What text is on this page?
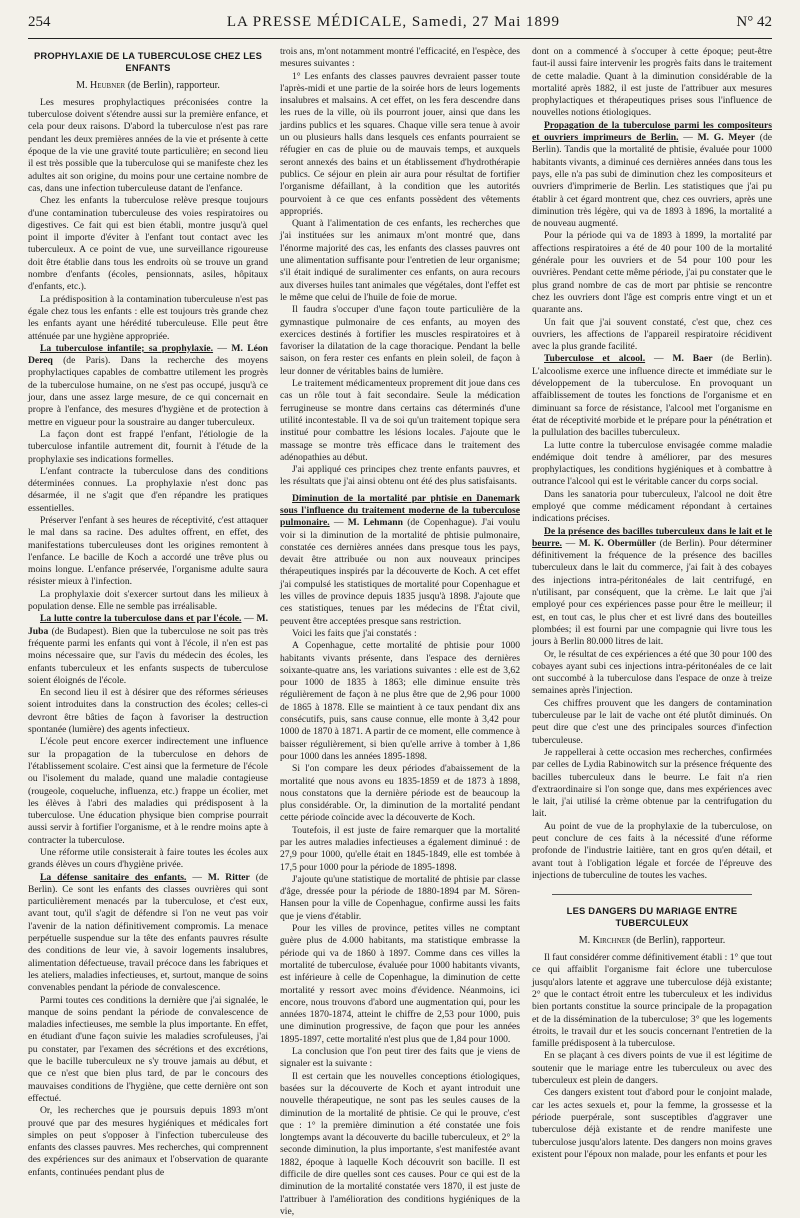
254	LA PRESSE MÉDICALE, Samedi, 27 Mai 1899	N° 42
PROPHYLAXIE DE LA TUBERCULOSE CHEZ LES ENFANTS
M. Heubner (de Berlin), rapporteur.

Les mesures prophylactiques préconisées contre la tuberculose doivent s'étendre aussi sur la première enfance, et cela pour deux raisons. D'abord la tuberculose n'est pas rare pendant les deux premières années de la vie et présente à cette époque de la vie une gravité toute particulière; en second lieu il est très possible que la tuberculose qui se manifeste chez les adultes ait son origine, du moins pour une certaine nombre de cas, dans une infection tuberculeuse datant de l'enfance.

Chez les enfants la tuberculose relève presque toujours d'une contamination tuberculeuse des voies respiratoires ou digestives. Ce fait qui est bien établi, montre jusqu'à quel point il importe d'éviter à l'enfant tout contact avec les tuberculeux. A ce point de vue, une surveillance rigoureuse doit être établie dans tous les endroits où se trouve un grand nombre d'enfants (écoles, pensionnats, asiles, hôpitaux d'enfants, etc.).

La prédisposition à la contamination tuberculeuse n'est pas égale chez tous les enfants : elle est toujours très grande chez les enfants ayant une hérédité tuberculeuse. Elle peut être atténuée par une hygiène appropriée.

La tuberculose infantile; sa prophylaxie. — M. Léon Dereq (de Paris). Dans la recherche des moyens prophylactiques capables de combattre utilement les progrès de la tuberculose humaine, on ne s'est pas occupé, jusqu'à ce jour, dans une assez large mesure, de ce qui concernait en propre à l'enfance, des mesures d'hygiène et de protection à mettre en vigueur pour la soustraire au danger tuberculeux.

La façon dont est frappé l'enfant, l'étiologie de la tuberculose infantile autrement dit, fournit à l'étude de la prophylaxie ses indications formelles.

L'enfant contracte la tuberculose dans des conditions déterminées connues. La prophylaxie n'est donc pas désarmée, il ne s'agit que d'en répandre les pratiques essentielles.

Préserver l'enfant à ses heures de réceptivité, c'est attaquer le mal dans sa racine. Des adultes offrent, en effet, des manifestations tuberculeuses dont les origines remontent à l'enfance. Le bacille de Koch a accordé une trêve plus ou moins longue. L'enfance préservée, l'organisme adulte saura résister mieux à l'infection.

La prophylaxie doit s'exercer surtout dans les milieux à population dense. Elle ne semble pas irréalisable.

La lutte contre la tuberculose dans et par l'école. — M. Juba (de Budapest). Bien que la tuberculose ne soit pas très fréquente parmi les enfants qui vont à l'école, il n'en est pas moins nécessaire que, sur l'avis du médecin des écoles, les enfants tuberculeux et les enfants suspects de tuberculose soient éloignés de l'école.

En second lieu il est à désirer que des réformes sérieuses soient introduites dans la construction des écoles; celles-ci devront être bâties de façon à favoriser la destruction spontanée (lumière) des agents infectieux.

L'école peut encore exercer indirectement une influence sur la propagation de la tuberculose en dehors de l'établissement scolaire. C'est ainsi que la fermeture de l'école ou l'isolement du malade, quand une maladie contagieuse (rougeole, coqueluche, influenza, etc.) frappe un écolier, met les élèves à l'abri des maladies qui prédisposent à la tuberculose. Une éducation physique bien comprise pourrait aussi servir à fortifier l'organisme, et à le rendre moins apte à contracter la tuberculose.

Une réforme utile consisterait à faire toutes les écoles aux grands élèves un cours d'hygiène privée.

La défense sanitaire des enfants. — M. Ritter (de Berlin). Ce sont les enfants des classes ouvrières qui sont particulièrement menacés par la tuberculose, et c'est eux, avant tout, qu'il s'agit de défendre si l'on ne veut pas voir l'avenir de la nation définitivement compromis. La menace perpétuelle suspendue sur la tête des enfants pauvres résulte des conditions de leur vie, à savoir logements insalubres, alimentation défectueuse, travail précoce dans les fabriques et les ateliers, maladies infectieuses, et, surtout, manque de soins convenables pendant la période de convalescence.

Parmi toutes ces conditions la dernière que j'ai signalée, le manque de soins pendant la période de convalescence de maladies infectieuses, me semble la plus importante. En effet, en étudiant d'une façon suivie les maladies scrofuleuses, j'ai pu constater, par l'examen des sécrétions et des excrétions, que le bacille tuberculeux ne s'y trouve jamais au début, et que ce n'est que bien plus tard, de par le concours des mauvaises conditions de l'hygiène, que cette dernière ont son effectué.

Or, les recherches que je poursuis depuis 1893 m'ont prouvé que par des mesures hygiéniques et médicales fort simples on peut s'opposer à l'infection tuberculeuse des enfants des classes pauvres. Mes recherches, qui comprennent des expériences sur des animaux et l'observation de quarante enfants, continuées pendant plus de

trois ans, m'ont notamment montré l'efficacité, en l'espèce, des mesures suivantes :

1° Les enfants des classes pauvres devraient passer toute l'après-midi et une partie de la soirée hors de leurs logements insalubres et malsains. A cet effet, on les fera descendre dans les rues de la ville, où ils pourront jouer, ainsi que dans les jardins publics et les squares. Chaque ville sera tenue à avoir un ou plusieurs halls dans lesquels ces enfants pourraient se réfugier en cas de pluie ou de mauvais temps, et auxquels seront annexés des bains et un établissement d'hydrothérapie publics. Ce séjour en plein air aura pour résultat de fortifier l'organisme défaillant, à la condition que les autorités pourvoient à ce que ces enfants possèdent des vêtements appropriés.

Quant à l'alimentation de ces enfants, les recherches que j'ai instituées sur les animaux m'ont montré que, dans l'énorme majorité des cas, les enfants des classes pauvres ont une alimentation suffisante pour l'entretien de leur organisme; s'il était indiqué de suralimenter ces enfants, on aura recours aux diverses huiles tant animales que végétales, dont l'effet est le même que celui de l'huile de foie de morue.

Il faudra s'occuper d'une façon toute particulière de la gymnastique pulmonaire de ces enfants, au moyen des exercices destinés à fortifier les muscles respiratoires et à favoriser la dilatation de la cage thoracique. Pendant la belle saison, on fera rester ces enfants en plein soleil, de façon à leur donner de véritables bains de lumière.

Le traitement médicamenteux proprement dit joue dans ces cas un rôle tout à fait secondaire. Seule la médication ferrugineuse se montre dans certains cas déterminés d'une utilité incontestable. Il va de soi qu'un traitement topique sera institué pour combattre les lésions locales. J'ajoute que le massage se montre très efficace dans le traitement des adénopathies au début.

J'ai appliqué ces principes chez trente enfants pauvres, et les résultats que j'ai ainsi obtenu ont été des plus satisfaisants.

Diminution de la mortalité par phtisie en Danemark sous l'influence du traitement moderne de la tuberculose pulmonaire. — M. Lehmann (de Copenhague). J'ai voulu voir si la diminution de la mortalité de phtisie pulmonaire, constatée ces dernières années dans presque tous les pays, devait être attribuée ou non aux nouveaux principes thérapeutiques inspirés par la découverte de Koch. A cet effet j'ai compulsé les statistiques de mortalité pour Copenhague et les villes de province depuis 1835 jusqu'à 1898. J'ajoute que ces statistiques, tenues par les médecins de l'État civil, peuvent être acceptées presque sans restriction.

Voici les faits que j'ai constatés :

A Copenhague, cette mortalité de phtisie pour 1000 habitants vivants présente, dans l'espace des dernières soixante-quatre ans, les variations suivantes : elle est de 3,62 pour 1000 de 1835 à 1863; elle diminue ensuite très régulièrement de façon à ne plus être que de 2,96 pour 1000 de 1865 à 1878. Elle se maintient à ce taux pendant dix ans consécutifs, puis, sans cause connue, elle monte à 3,42 pour 1000 de 1870 à 1871. A partir de ce moment, elle commence à baisser régulièrement, si bien qu'elle arrive à tomber à 1,86 pour 1000 dans les années 1895-1898.

Si l'on compare les deux périodes d'abaissement de la mortalité que nous avons eu 1835-1859 et de 1873 à 1898, nous constatons que la dernière période est de beaucoup la plus considérable. Or, la diminution de la mortalité pendant cette période coïncide avec la découverte de Koch.

Toutefois, il est juste de faire remarquer que la mortalité par les autres maladies infectieuses a également diminué : de 27,9 pour 1000, qu'elle était en 1845-1849, elle est tombée à 17,5 pour 1000 pour la période de 1895-1898.

J'ajoute qu'une statistique de mortalité de phtisie par classe d'âge, dressée pour la période de 1880-1894 par M. Sören-Hansen pour la ville de Copenhague, confirme aussi les faits que je viens d'établir.

Pour les villes de province, petites villes ne comptant guère plus de 4.000 habitants, ma statistique embrasse la période qui va de 1860 à 1897. Comme dans ces villes la mortalité de tuberculose, évaluée pour 1000 habitants vivants, est inférieure à celle de Copenhague, la diminution de cette mortalité y ressort avec moins d'évidence. Néanmoins, ici encore, nous trouvons d'abord une augmentation qui, pour les années 1870-1874, atteint le chiffre de 2,53 pour 1000, puis une diminution progressive, de façon que pour les années 1895-1897, cette mortalité n'est plus que de 1,84 pour 1000.

La conclusion que l'on peut tirer des faits que je viens de signaler est la suivante :

Il est certain que les nouvelles conceptions étiologiques, basées sur la découverte de Koch et ayant introduit une nouvelle thérapeutique, ne sont pas les seules causes de la diminution de la mortalité de phtisie. Ce qui le prouve, c'est que : 1° la première diminution a été constatée une fois longtemps avant la découverte du bacille tuberculeux, et 2° la seconde diminution, la plus importante, s'est manifestée avant 1882, époque à laquelle Koch découvrit son bacille. Il est difficile de dire quelles sont ces causes. Pour ce qui est de la diminution de la mortalité constatée vers 1870, il est juste de l'attribuer à l'amélioration des conditions hygiéniques de la vie,

dont on a commencé à s'occuper à cette époque; peut-être faut-il aussi faire intervenir les progrès faits dans le traitement de cette maladie. Quant à la diminution considérable de la mortalité après 1882, il est juste de l'attribuer aux mesures prophylactiques et thérapeutiques prises sous l'influence de nouvelles notions étiologiques.

Propagation de la tuberculose parmi les compositeurs et ouvriers imprimeurs de Berlin. — M. G. Meyer (de Berlin). Tandis que la mortalité de phtisie, évaluée pour 1000 habitants vivants, a diminué ces dernières années dans tous les pays, elle n'a pas subi de diminution chez les compositeurs et ouvriers d'imprimerie de Berlin. Les statistiques que j'ai pu établir à cet égard montrent que, chez ces ouvriers, après une diminution très légère, qui va de 1893 à 1896, la mortalité a de nouveau augmenté.

Pour la période qui va de 1893 à 1899, la mortalité par affections respiratoires a été de 40 pour 100 de la mortalité générale pour les ouvriers et de 54 pour 100 pour les ouvrières. Pendant cette même période, j'ai pu constater que le plus grand nombre de cas de mort par phtisie se rencontre chez les ouvriers dont l'âge est compris entre vingt et un et quarante ans.

Un fait que j'ai souvent constaté, c'est que, chez ces ouvriers, les affections de l'appareil respiratoire récidivent avec la plus grande facilité.

Tuberculose et alcool. — M. Baer (de Berlin). L'alcoolisme exerce une influence directe et immédiate sur le développement de la tuberculose. En provoquant un affaiblissement de toutes les fonctions de l'organisme et en diminuant sa force de résistance, l'alcool met l'organisme en état de réceptivité morbide et le prépare pour la pénétration et la pullulation des bacilles tuberculeux.

La lutte contre la tuberculose envisagée comme maladie endémique doit tendre à améliorer, par des mesures prophylactiques, les conditions hygiéniques et à combattre à outrance l'alcool qui est le véritable cancer du corps social.

Dans les sanatoria pour tuberculeux, l'alcool ne doit être employé que comme médicament répondant à certaines indications précises.

De la présence des bacilles tuberculeux dans le lait et le beurre. — M. K. Obermüller (de Berlin). Pour déterminer définitivement la fréquence de la présence des bacilles tuberculeux dans le lait du commerce, j'ai fait à des cobayes des injections intra-péritonéales de lait centrifugé, en n'utilisant, par conséquent, que la crème. Le lait que j'ai employé pour ces expériences passe pour être le meilleur; il est, en tout cas, le plus cher et est livré dans des bouteilles plombées; il est fourni par une compagnie qui livre tous les jours à Berlin 80.000 litres de lait.

Or, le résultat de ces expériences a été que 30 pour 100 des cobayes ayant subi ces injections intra-péritonéales de ce lait ont succombé à la tuberculose dans l'espace de onze à treize semaines après l'injection.

Ces chiffres prouvent que les dangers de contamination tuberculeuse par le lait de vache ont été plutôt diminués. On peut dire que c'est une des principales sources d'infection tuberculeuse.

Je rappellerai à cette occasion mes recherches, confirmées par celles de Lydia Rabinowitch sur la présence fréquente des bacilles tuberculeux dans le beurre. Le fait n'a rien d'extraordinaire si l'on songe que, dans mes expériences avec le lait, j'ai utilisé la crème obtenue par la centrifugation du lait.

Au point de vue de la prophylaxie de la tuberculose, on peut conclure de ces faits à la nécessité d'une réforme profonde de l'industrie laitière, tant en gros qu'en détail, et avant tout à l'obligation légale et forcée de l'épreuve des injections de tuberculine de toutes les vaches.

LES DANGERS DU MARIAGE ENTRE TUBERCULEUX
M. Kirchner (de Berlin), rapporteur.

Il faut considérer comme définitivement établi : 1° que tout ce qui affaiblit l'organisme fait éclore une tuberculose jusqu'alors latente et aggrave une tuberculose déjà existante; 2° que le contact étroit entre les tuberculeux et les individus bien portants constitue la source principale de la propagation et de la dissémination de la tuberculose; 3° que les logements étroits, le travail dur et les soucis concernant l'entretien de la famille prédisposent à la tuberculose.

En se plaçant à ces divers points de vue il est légitime de soutenir que le mariage entre les tuberculeux ou avec des tuberculeux est plein de dangers.

Ces dangers existent tout d'abord pour le conjoint malade, car les actes sexuels et, pour la femme, la grossesse et la période puerpérale, sont susceptibles d'aggraver une tuberculose déjà existante et de rendre manifeste une tuberculose jusqu'alors latente. Des dangers non moins graves existent pour l'époux non malade, pour les enfants et pour les
